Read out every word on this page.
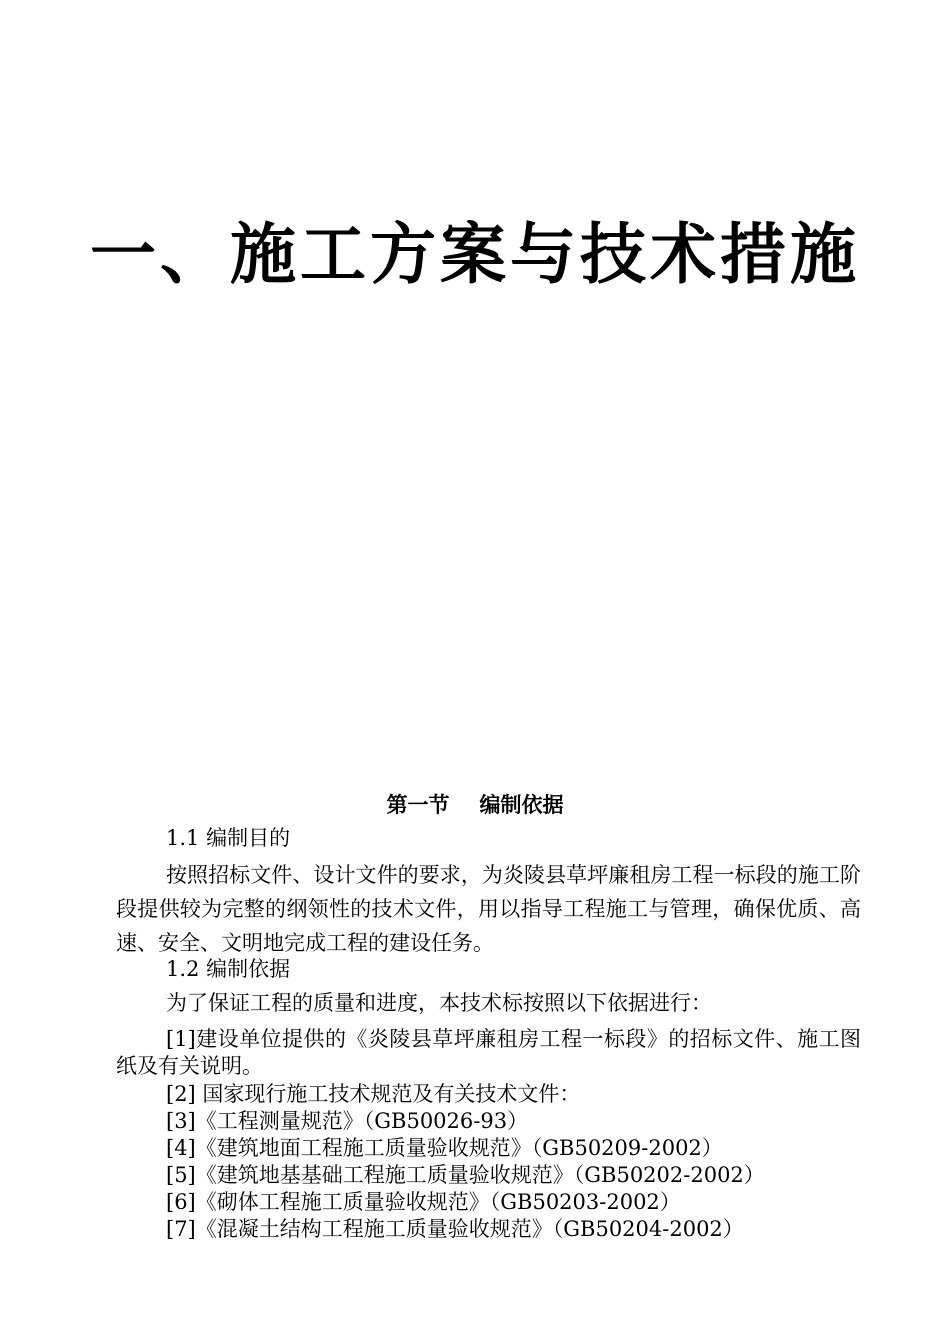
一、施工方案与技术措施
第一节 编制依据
1.1 编制目的
按照招标文件、设计文件的要求，为炎陵县草坪廉租房工程一标段的施工阶段提供较为完整的纲领性的技术文件，用以指导工程施工与管理，确保优质、高速、安全、文明地完成工程的建设任务。
1.2 编制依据
为了保证工程的质量和进度，本技术标按照以下依据进行：
[1]建设单位提供的《炎陵县草坪廉租房工程一标段》的招标文件、施工图纸及有关说明。
[2] 国家现行施工技术规范及有关技术文件：
[3]《工程测量规范》（GB50026-93）
[4]《建筑地面工程施工质量验收规范》（GB50209-2002）
[5]《建筑地基基础工程施工质量验收规范》（GB50202-2002）
[6]《砌体工程施工质量验收规范》（GB50203-2002）
[7]《混凝土结构工程施工质量验收规范》（GB50204-2002）
